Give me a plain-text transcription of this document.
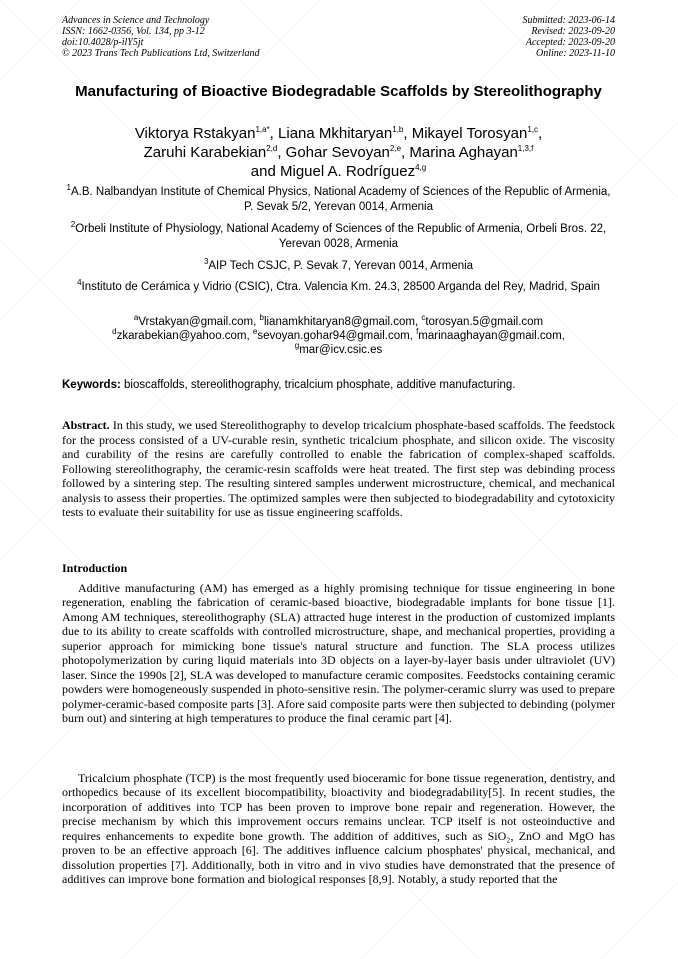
Advances in Science and Technology
ISSN: 1662-0356, Vol. 134, pp 3-12
doi:10.4028/p-ilY5jt
© 2023 Trans Tech Publications Ltd, Switzerland
Submitted: 2023-06-14
Revised: 2023-09-20
Accepted: 2023-09-20
Online: 2023-11-10
Manufacturing of Bioactive Biodegradable Scaffolds by Stereolithography
Viktorya Rstakyan$^{1,a*}$, Liana Mkhitaryan$^{1,b}$, Mikayel Torosyan$^{1,c}$,
Zaruhi Karabekian$^{2,d}$, Gohar Sevoyan$^{2,e}$, Marina Aghayan$^{1,3,f}$
and Miguel A. Rodríguez$^{4,g}$
$^1$A.B. Nalbandyan Institute of Chemical Physics, National Academy of Sciences of the Republic of Armenia, P. Sevak 5/2, Yerevan 0014, Armenia
$^2$Orbeli Institute of Physiology, National Academy of Sciences of the Republic of Armenia, Orbeli Bros. 22, Yerevan 0028, Armenia
$^3$AIP Tech CSJC, P. Sevak 7, Yerevan 0014, Armenia
$^4$Instituto de Cerámica y Vidrio (CSIC), Ctra. Valencia Km. 24.3, 28500 Arganda del Rey, Madrid, Spain
$^a$Vrstakyan@gmail.com, $^b$lianamkhitaryan8@gmail.com, $^c$torosyan.5@gmail.com
$^d$zkarabekian@yahoo.com, $^e$sevoyan.gohar94@gmail.com, $^f$marinaaghayan@gmail.com,
$^g$mar@icv.csic.es
Keywords: bioscaffolds, stereolithography, tricalcium phosphate, additive manufacturing.
Abstract. In this study, we used Stereolithography to develop tricalcium phosphate-based scaffolds. The feedstock for the process consisted of a UV-curable resin, synthetic tricalcium phosphate, and silicon oxide. The viscosity and curability of the resins are carefully controlled to enable the fabrication of complex-shaped scaffolds. Following stereolithography, the ceramic-resin scaffolds were heat treated. The first step was debinding process followed by a sintering step. The resulting sintered samples underwent microstructure, chemical, and mechanical analysis to assess their properties. The optimized samples were then subjected to biodegradability and cytotoxicity tests to evaluate their suitability for use as tissue engineering scaffolds.
Introduction

Additive manufacturing (AM) has emerged as a highly promising technique for tissue engineering in bone regeneration, enabling the fabrication of ceramic-based bioactive, biodegradable implants for bone tissue [1]. Among AM techniques, stereolithography (SLA) attracted huge interest in the production of customized implants due to its ability to create scaffolds with controlled microstructure, shape, and mechanical properties, providing a superior approach for mimicking bone tissue's natural structure and function. The SLA process utilizes photopolymerization by curing liquid materials into 3D objects on a layer-by-layer basis under ultraviolet (UV) laser. Since the 1990s [2], SLA was developed to manufacture ceramic composites. Feedstocks containing ceramic powders were homogeneously suspended in photo-sensitive resin. The polymer-ceramic slurry was used to prepare polymer-ceramic-based composite parts [3]. Afore said composite parts were then subjected to debinding (polymer burn out) and sintering at high temperatures to produce the final ceramic part [4].

Tricalcium phosphate (TCP) is the most frequently used bioceramic for bone tissue regeneration, dentistry, and orthopedics because of its excellent biocompatibility, bioactivity and biodegradability[5]. In recent studies, the incorporation of additives into TCP has been proven to improve bone repair and regeneration. However, the precise mechanism by which this improvement occurs remains unclear. TCP itself is not osteoinductive and requires enhancements to expedite bone growth. The addition of additives, such as SiO₂, ZnO and MgO has proven to be an effective approach [6]. The additives influence calcium phosphates' physical, mechanical, and dissolution properties [7]. Additionally, both in vitro and in vivo studies have demonstrated that the presence of additives can improve bone formation and biological responses [8,9]. Notably, a study reported that the
